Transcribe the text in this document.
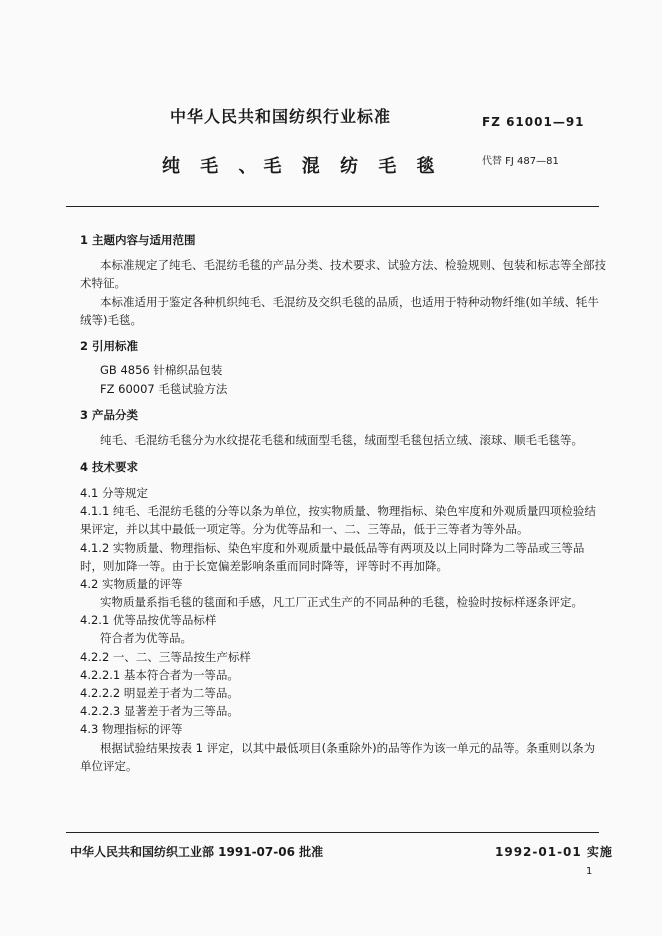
中华人民共和国纺织行业标准	FZ 61001—91
纯 毛 、毛 混 纺 毛 毯	代替 FJ 487—81
1 主题内容与适用范围
本标准规定了纯毛、毛混纺毛毯的产品分类、技术要求、试验方法、检验规则、包装和标志等全部技
术特征。
本标准适用于鉴定各种机织纯毛、毛混纺及交织毛毯的品质，也适用于特种动物纤维(如羊绒、牦牛
绒等)毛毯。
2 引用标准
GB 4856 针棉织品包装
FZ 60007 毛毯试验方法
3 产品分类
纯毛、毛混纺毛毯分为水纹提花毛毯和绒面型毛毯，绒面型毛毯包括立绒、滚球、顺毛毛毯等。
4 技术要求
4.1 分等规定
4.1.1 纯毛、毛混纺毛毯的分等以条为单位，按实物质量、物理指标、染色牢度和外观质量四项检验结
果评定，并以其中最低一项定等。分为优等品和一、二、三等品，低于三等者为等外品。
4.1.2 实物质量、物理指标、染色牢度和外观质量中最低品等有两项及以上同时降为二等品或三等品
时，则加降一等。由于长宽偏差影响条重而同时降等，评等时不再加降。
4.2 实物质量的评等
实物质量系指毛毯的毯面和手感，凡工厂正式生产的不同品种的毛毯，检验时按标样逐条评定。
4.2.1 优等品按优等品标样
符合者为优等品。
4.2.2 一、二、三等品按生产标样
4.2.2.1 基本符合者为一等品。
4.2.2.2 明显差于者为二等品。
4.2.2.3 显著差于者为三等品。
4.3 物理指标的评等
根据试验结果按表 1 评定，以其中最低项目(条重除外)的品等作为该一单元的品等。条重则以条为
单位评定。
中华人民共和国纺织工业部 1991-07-06 批准	1992-01-01 实施
1
